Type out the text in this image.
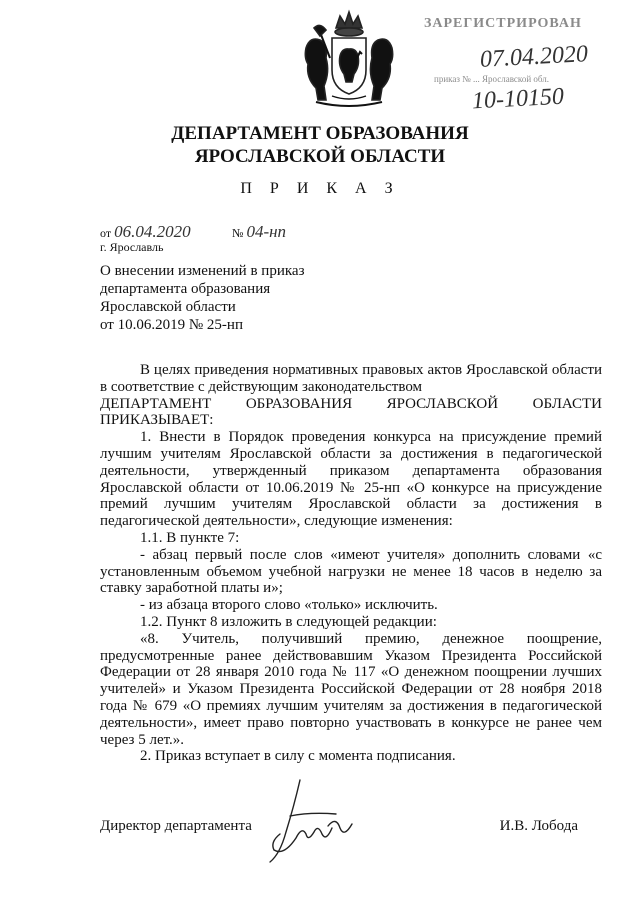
ЗАРЕГИСТРИРОВАН
07.04.2020
приказ № ... Ярославской обл.
10-10150
ДЕПАРТАМЕНТ ОБРАЗОВАНИЯ
ЯРОСЛАВСКОЙ ОБЛАСТИ
П Р И К А З
от 06.04.2020	№ 04-нп
г. Ярославль
О внесении изменений в приказ
департамента образования
Ярославской области
от 10.06.2019 № 25-нп

В целях приведения нормативных правовых актов Ярославской области в соответствие с действующим законодательством

ДЕПАРТАМЕНТ ОБРАЗОВАНИЯ ЯРОСЛАВСКОЙ ОБЛАСТИ

ПРИКАЗЫВАЕТ:

1. Внести в Порядок проведения конкурса на присуждение премий лучшим учителям Ярославской области за достижения в педагогической деятельности, утвержденный приказом департамента образования Ярославской области от 10.06.2019 № 25-нп «О конкурсе на присуждение премий лучшим учителям Ярославской области за достижения в педагогической деятельности», следующие изменения:

1.1. В пункте 7:

- абзац первый после слов «имеют учителя» дополнить словами «с установленным объемом учебной нагрузки не менее 18 часов в неделю за ставку заработной платы и»;

- из абзаца второго слово «только» исключить.

1.2. Пункт 8 изложить в следующей редакции:

«8. Учитель, получивший премию, денежное поощрение, предусмотренные ранее действовавшим Указом Президента Российской Федерации от 28 января 2010 года № 117 «О денежном поощрении лучших учителей» и Указом Президента Российской Федерации от 28 ноября 2018 года № 679 «О премиях лучшим учителям за достижения в педагогической деятельности», имеет право повторно участвовать в конкурсе не ранее чем через 5 лет.».

2. Приказ вступает в силу с момента подписания.

Директор департамента	И.В. Лобода
